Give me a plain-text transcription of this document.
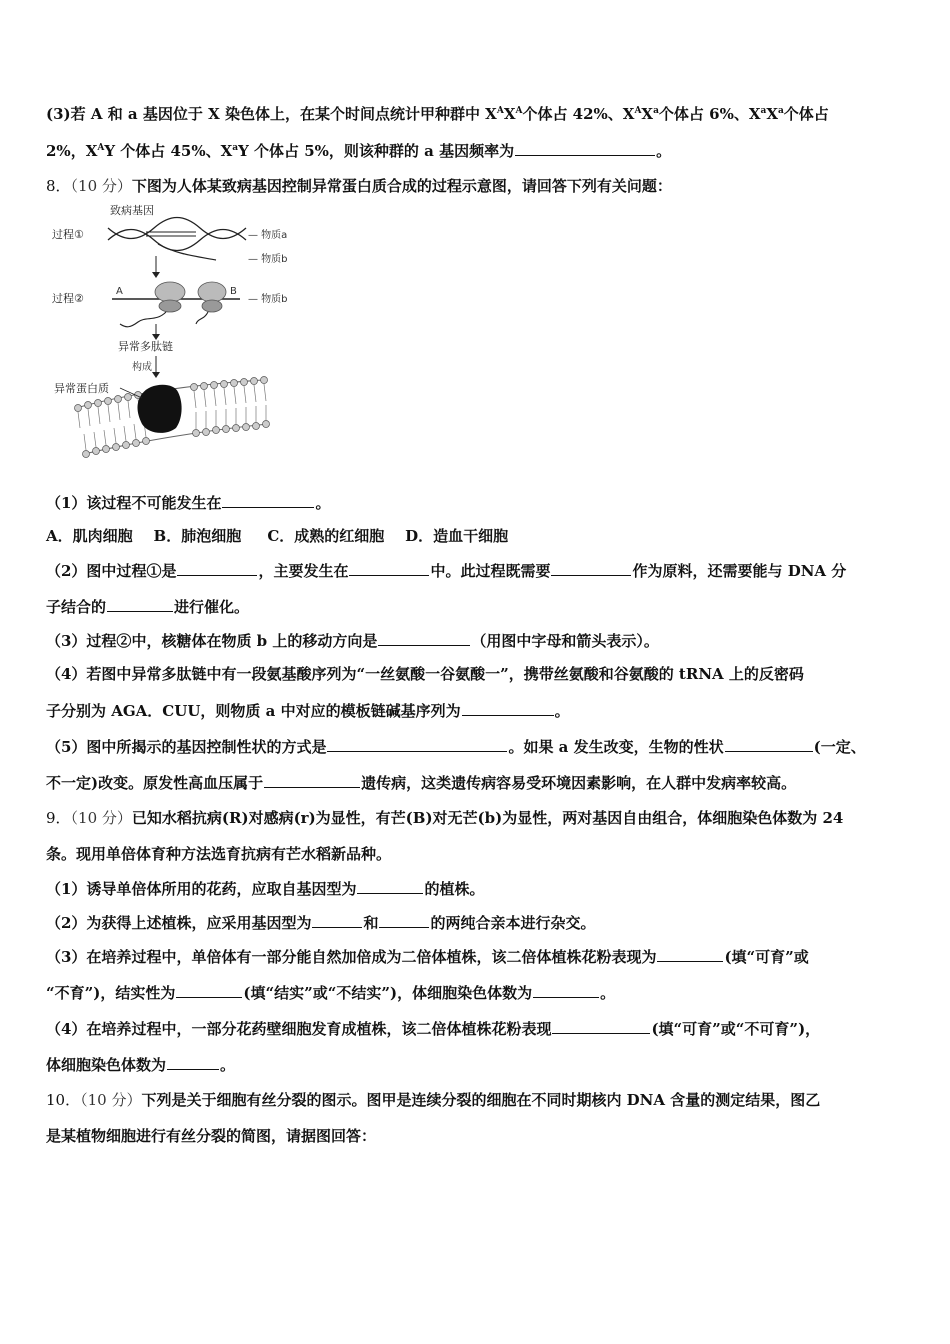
(3)若 A 和 a 基因位于 X 染色体上，在某个时间点统计甲种群中 $X^AX^A$个体占 42%、$X^AX^a$个体占 6%、$X^aX^a$个体占
2%，$X^AY$ 个体占 45%、$X^aY$ 个体占 5%，则该种群的 a 基因频率为	。
8．（10 分）下图为人体某致病基因控制异常蛋白质合成的过程示意图，请回答下列有关问题：
致病基因
过程①	— 物质a
— 物质b
过程②
A	B
— 物质b
异常多肽链
构成
异常蛋白质
（1）该过程不可能发生在	。
A．肌肉细胞    B．肺泡细胞     C．成熟的红细胞    D．造血干细胞
（2）图中过程①是	，主要发生在	中。此过程既需要	作为原料，还需要能与 DNA 分
子结合的	进行催化。
（3）过程②中，核糖体在物质 b 上的移动方向是	（用图中字母和箭头表示）。
（4）若图中异常多肽链中有一段氨基酸序列为“一丝氨酸一谷氨酸一”，携带丝氨酸和谷氨酸的 tRNA 上的反密码
子分别为 AGA．CUU，则物质 a 中对应的模板链碱基序列为	。
（5）图中所揭示的基因控制性状的方式是	。如果 a 发生改变，生物的性状	(一定、
不一定)改变。原发性高血压属于	遗传病，这类遗传病容易受环境因素影响，在人群中发病率较高。
9．（10 分）已知水稻抗病(R)对感病(r)为显性，有芒(B)对无芒(b)为显性，两对基因自由组合，体细胞染色体数为 24
条。现用单倍体育种方法选育抗病有芒水稻新品种。
（1）诱导单倍体所用的花药，应取自基因型为	的植株。
（2）为获得上述植株，应采用基因型为	和	的两纯合亲本进行杂交。
（3）在培养过程中，单倍体有一部分能自然加倍成为二倍体植株，该二倍体植株花粉表现为	(填“可育”或
“不育”)，结实性为	(填“结实”或“不结实”)，体细胞染色体数为	。
（4）在培养过程中，一部分花药壁细胞发育成植株，该二倍体植株花粉表现	(填“可育”或“不可育”)，
体细胞染色体数为	。
10．（10 分）下列是关于细胞有丝分裂的图示。图甲是连续分裂的细胞在不同时期核内 DNA 含量的测定结果，图乙
是某植物细胞进行有丝分裂的简图，请据图回答：
